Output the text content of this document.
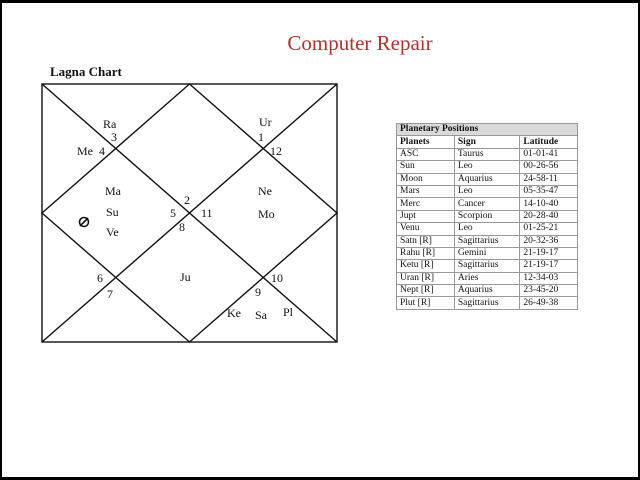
Computer Repair
Lagna Chart
1
12
3
4
2
5 11
8
6
7
10
9
Ur
Ra
Me
Ma
Su
Ve
Ne
Mo
Ju
Ke Sa Pl
Planetary Positions		
Planets	Sign	Latitude
ASC	Taurus	01-01-41
Sun	Leo	00-26-56
Moon	Aquarius	24-58-11
Mars	Leo	05-35-47
Merc	Cancer	14-10-40
Jupt	Scorpion	20-28-40
Venu	Leo	01-25-21
Satn [R]	Sagittarius	20-32-36
Rahu [R]	Gemini	21-19-17
Ketu [R]	Sagittarius	21-19-17
Uran [R]	Aries	12-34-03
Nept [R]	Aquarius	23-45-20
Plut [R]	Sagittarius	26-49-38
